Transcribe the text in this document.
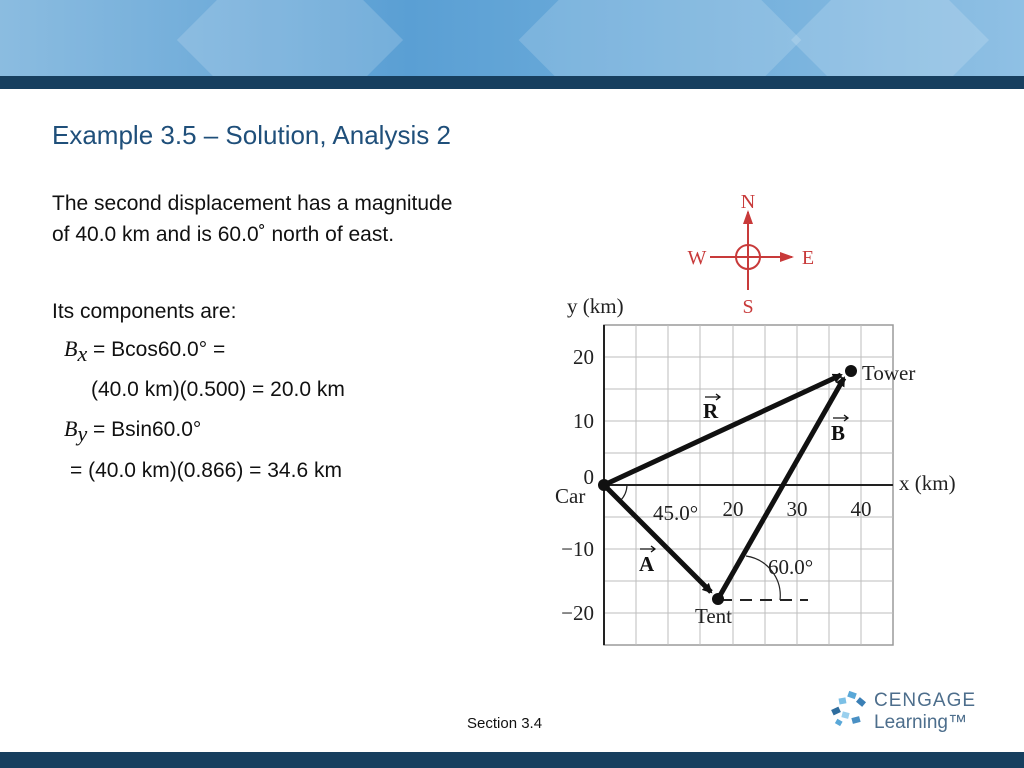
Example 3.5 – Solution, Analysis 2
The second displacement has a magnitude of 40.0 km and is 60.0˚ north of east.
Its components are:
$B_x = Bcos60.0^\circ$ =
(40.0 km)(0.500) = 20.0 km
$B_y = Bsin60.0^\circ$
= (40.0 km)(0.866) = 34.6 km
N
S
E
W
y (km)
x (km)
20
10
0
−10
−20
20 30 40
Car
Tent
Tower
A
B
R
45.0°
60.0°
Section 3.4
CENGAGE
Learning™
